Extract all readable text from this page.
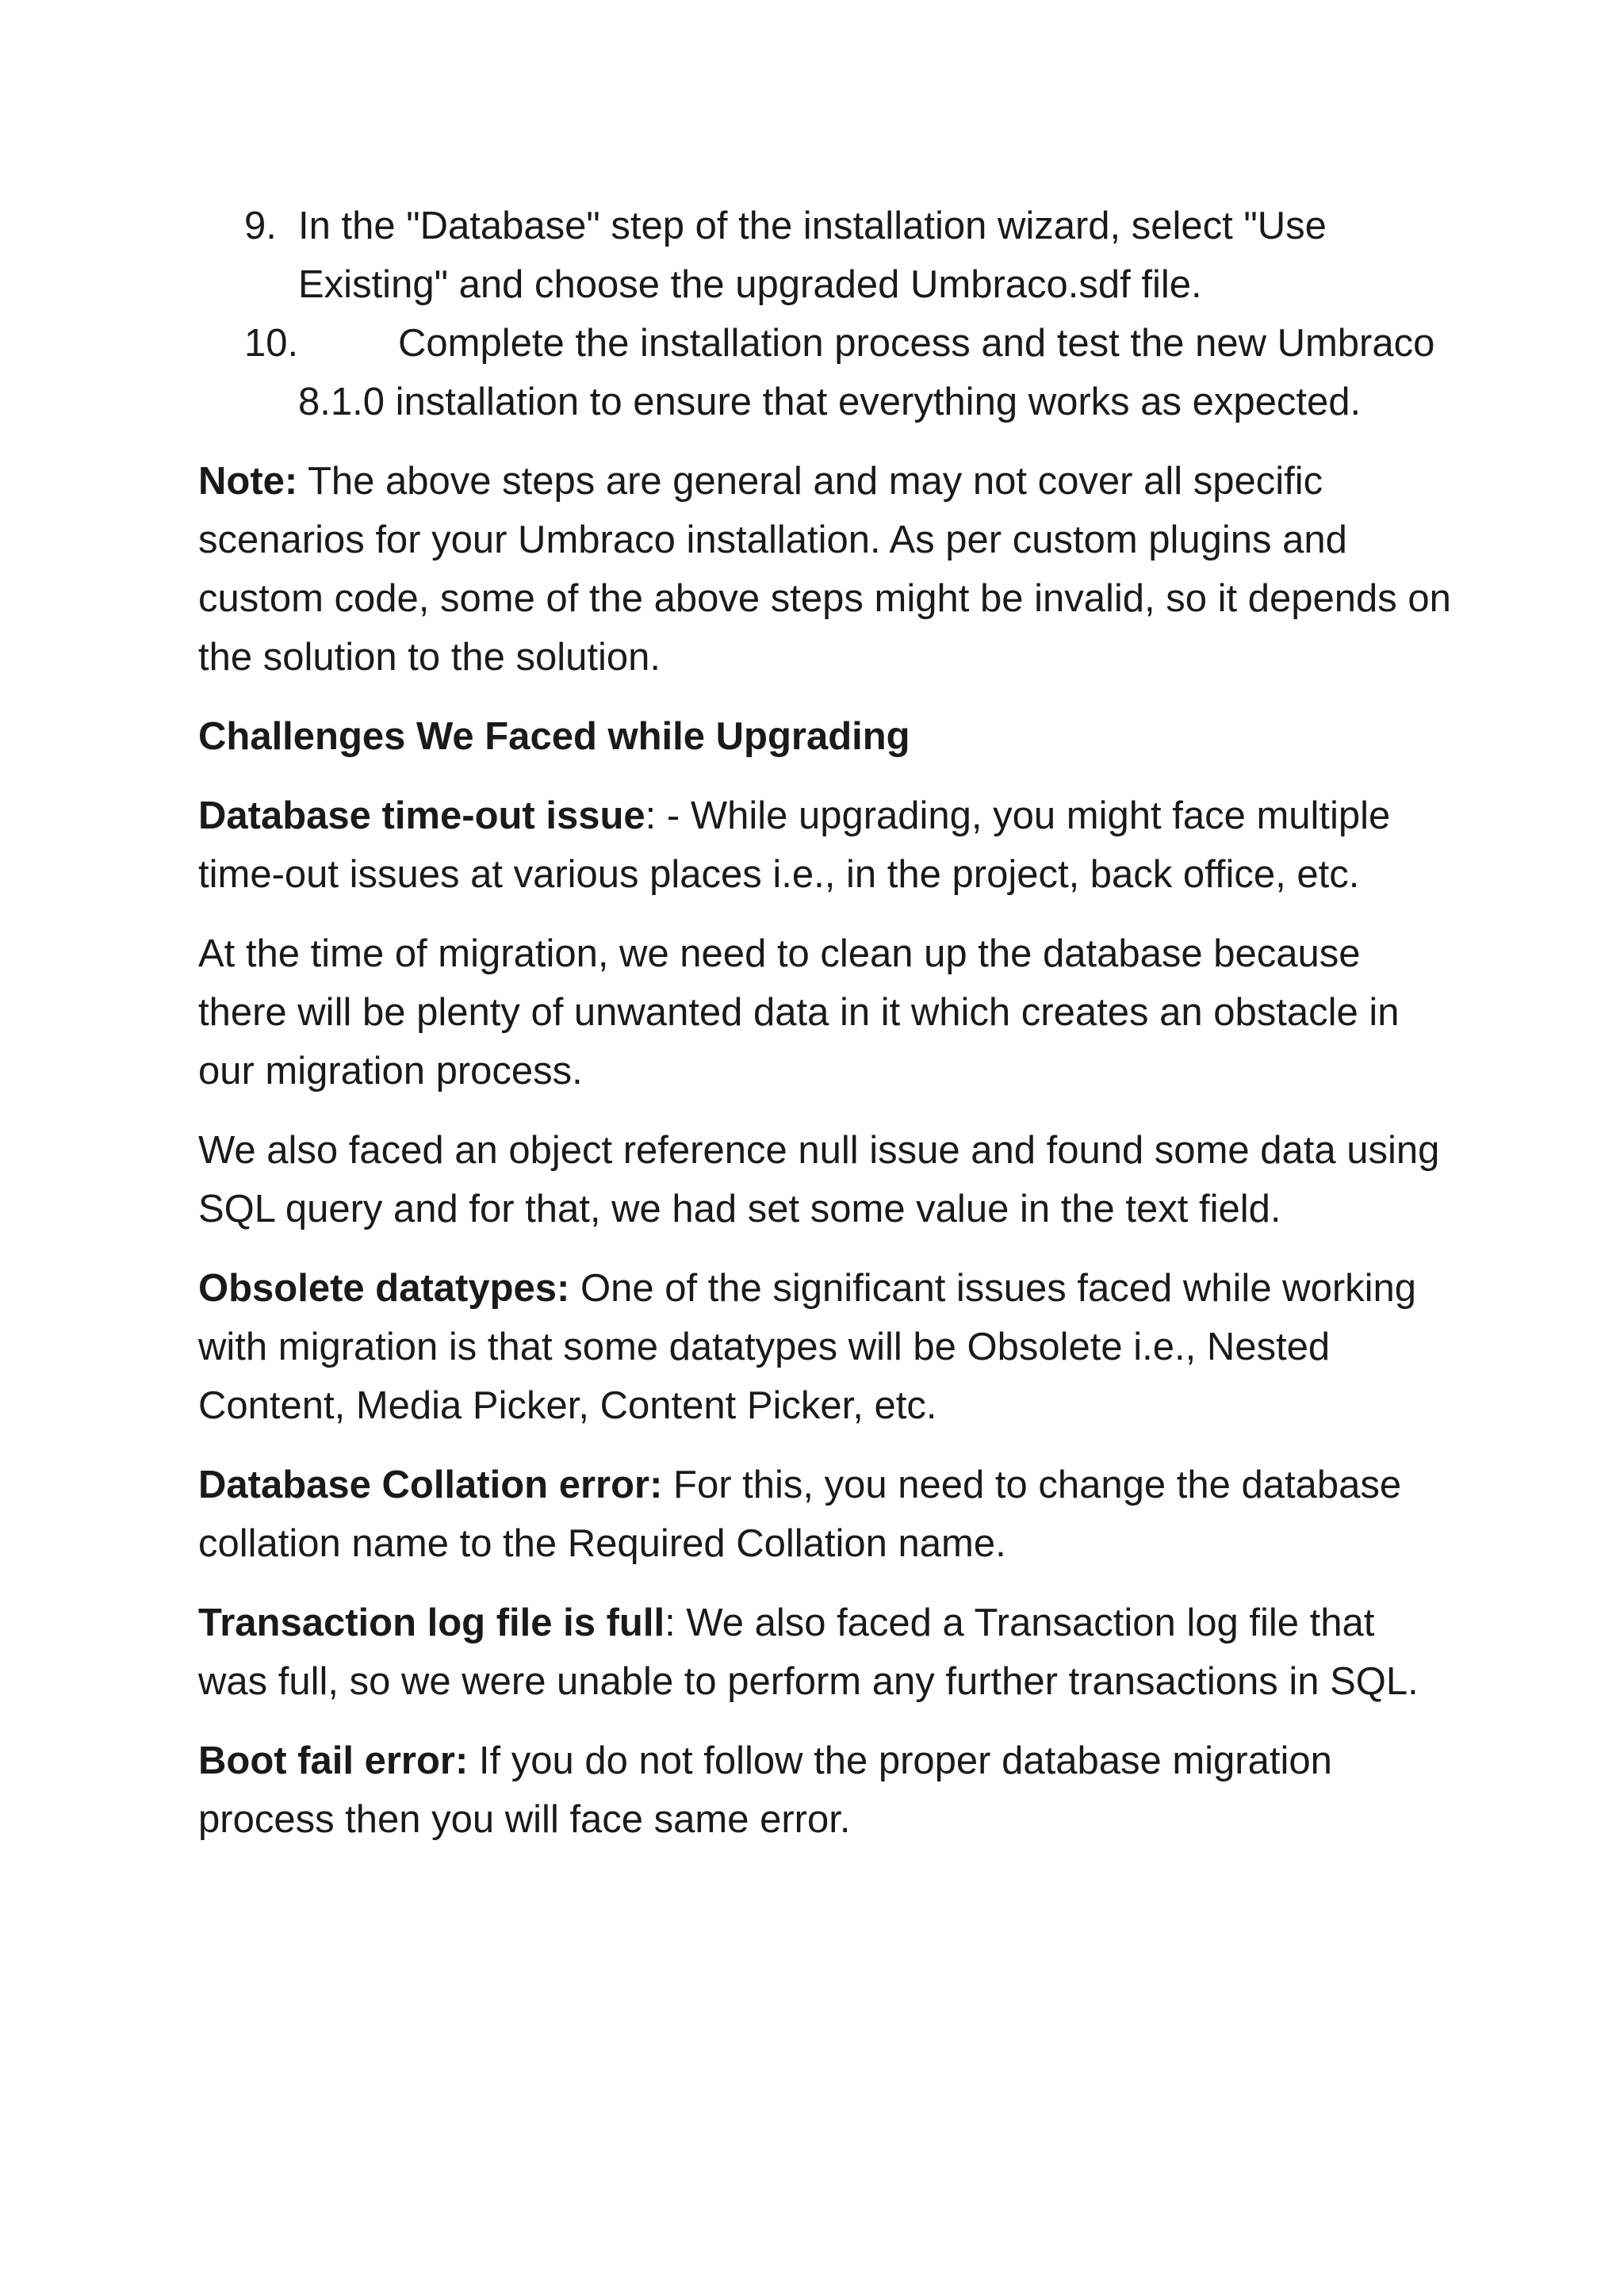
9. In the "Database" step of the installation wizard, select "Use Existing" and choose the upgraded Umbraco.sdf file.
10.	Complete the installation process and test the new Umbraco 8.1.0 installation to ensure that everything works as expected.

Note: The above steps are general and may not cover all specific scenarios for your Umbraco installation. As per custom plugins and custom code, some of the above steps might be invalid, so it depends on the solution to the solution.

Challenges We Faced while Upgrading

Database time-out issue: - While upgrading, you might face multiple time-out issues at various places i.e., in the project, back office, etc.

At the time of migration, we need to clean up the database because there will be plenty of unwanted data in it which creates an obstacle in our migration process.

We also faced an object reference null issue and found some data using SQL query and for that, we had set some value in the text field.

Obsolete datatypes: One of the significant issues faced while working with migration is that some datatypes will be Obsolete i.e., Nested Content, Media Picker, Content Picker, etc.

Database Collation error: For this, you need to change the database collation name to the Required Collation name.

Transaction log file is full: We also faced a Transaction log file that was full, so we were unable to perform any further transactions in SQL.

Boot fail error: If you do not follow the proper database migration process then you will face same error.
